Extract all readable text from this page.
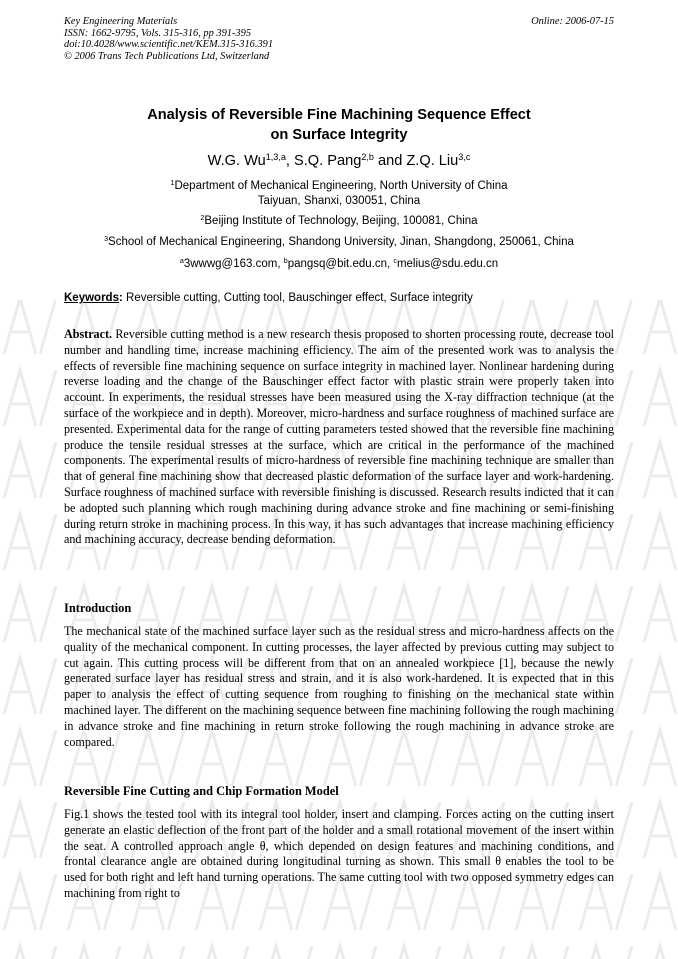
Key Engineering Materials
ISSN: 1662-9795, Vols. 315-316, pp 391-395
doi:10.4028/www.scientific.net/KEM.315-316.391
© 2006 Trans Tech Publications Ltd, Switzerland
Online: 2006-07-15
Analysis of Reversible Fine Machining Sequence Effect
on Surface Integrity
W.G. Wu$^{1,3,a}$, S.Q. Pang$^{2,b}$ and Z.Q. Liu$^{3,c}$
$^1$Department of Mechanical Engineering, North University of China
Taiyuan, Shanxi, 030051, China
$^2$Beijing Institute of Technology, Beijing, 100081, China
$^3$School of Mechanical Engineering, Shandong University, Jinan, Shangdong, 250061, China
$^a$3wwwg@163.com, $^b$pangsq@bit.edu.cn, $^c$melius@sdu.edu.cn
Keywords: Reversible cutting, Cutting tool, Bauschinger effect, Surface integrity

Abstract. Reversible cutting method is a new research thesis proposed to shorten processing route, decrease tool number and handling time, increase machining efficiency. The aim of the presented work was to analysis the effects of reversible fine machining sequence on surface integrity in machined layer. Nonlinear hardening during reverse loading and the change of the Bauschinger effect factor with plastic strain were properly taken into account. In experiments, the residual stresses have been measured using the X-ray diffraction technique (at the surface of the workpiece and in depth). Moreover, micro-hardness and surface roughness of machined surface are presented. Experimental data for the range of cutting parameters tested showed that the reversible fine machining produce the tensile residual stresses at the surface, which are critical in the performance of the machined components. The experimental results of micro-hardness of reversible fine machining technique are smaller than that of general fine machining show that decreased plastic deformation of the surface layer and work-hardening. Surface roughness of machined surface with reversible finishing is discussed. Research results indicted that it can be adopted such planning which rough machining during advance stroke and fine machining or semi-finishing during return stroke in machining process. In this way, it has such advantages that increase machining efficiency and machining accuracy, decrease bending deformation.

Introduction

The mechanical state of the machined surface layer such as the residual stress and micro-hardness affects on the quality of the mechanical component. In cutting processes, the layer affected by previous cutting may subject to cut again. This cutting process will be different from that on an annealed workpiece [1], because the newly generated surface layer has residual stress and strain, and it is also work-hardened. It is expected that in this paper to analysis the effect of cutting sequence from roughing to finishing on the mechanical state within machined layer. The different on the machining sequence between fine machining following the rough machining in advance stroke and fine machining in return stroke following the rough machining in advance stroke are compared.

Reversible Fine Cutting and Chip Formation Model

Fig.1 shows the tested tool with its integral tool holder, insert and clamping. Forces acting on the cutting insert generate an elastic deflection of the front part of the holder and a small rotational movement of the insert within the seat. A controlled approach angle θ, which depended on design features and machining conditions, and frontal clearance angle are obtained during longitudinal turning as shown. This small θ enables the tool to be used for both right and left hand turning operations. The same cutting tool with two opposed symmetry edges can machining from right to
